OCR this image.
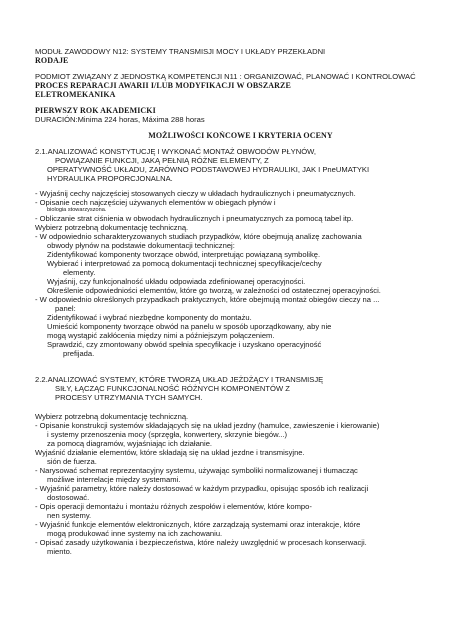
MODUŁ ZAWODOWY N12: SYSTEMY TRANSMISJI MOCY I UKŁADY PRZEKŁADNI
RODAJE
PODMIOT ZWIĄZANY Z JEDNOSTKĄ KOMPETENCJI N11 : ORGANIZOWAĆ, PLANOWAĆ I KONTROLOWAĆ
PROCES REPARACJI AWARII I/LUB MODYFIKACJI W OBSZARZE
ELETROMEKANIKA
PIERWSZY ROK AKADEMICKI
DURACIÓN:Minima 224 horas, Máxima 288 horas
MOŻLIWOŚCI KOŃCOWE I KRYTERIA OCENY
2.1.ANALIZOWAĆ KONSTYTUCJĘ I WYKONAĆ MONTAŻ OBWODÓW PŁYNÓW,
POWIĄZANIE FUNKCJI, JAKĄ PEŁNIĄ RÓŻNE ELEMENTY, Z
OPERATYWNOŚĆ UKŁADU, ZARÓWNO PODSTAWOWEJ HYDRAULIKI, JAK I PneUMATYKI
HYDRAULIKA PROPORCJONALNA.
- Wyjaśnij cechy najczęściej stosowanych cieczy w układach hydraulicznych i pneumatycznych.
- Opisanie cech najczęściej używanych elementów w obiegach płynów i
biologia stowarzyszona.
- Obliczanie strat ciśnienia w obwodach hydraulicznych i pneumatycznych za pomocą tabel itp.
Wybierz potrzebną dokumentację techniczną.
- W odpowiednio scharakteryzowanych studiach przypadków, które obejmują analizę zachowania
obwody płynów na podstawie dokumentacji technicznej:
Zidentyfikować komponenty tworzące obwód, interpretując powiązaną symbolikę.
Wybierać i interpretować za pomocą dokumentacji technicznej specyfikacje/cechy
elementy.
Wyjaśnij, czy funkcjonalność układu odpowiada zdefiniowanej operacyjności.
Określenie odpowiedniości elementów, które go tworzą, w zależności od ostatecznej operacyjności.
- W odpowiednio określonych przypadkach praktycznych, które obejmują montaż obiegów cieczy na ...
panel:
Zidentyfikować i wybrać niezbędne komponenty do montażu.
Umieścić komponenty tworzące obwód na panelu w sposób uporządkowany, aby nie
mogą wystąpić zakłócenia między nimi a późniejszym połączeniem.
Sprawdzić, czy zmontowany obwód spełnia specyfikacje i uzyskano operacyjność
prefijada.
2.2.ANALIZOWAĆ SYSTEMY, KTÓRE TWORZĄ UKŁAD JEŻDŻĄCY I TRANSMISJĘ
SIŁY, ŁĄCZĄC FUNKCJONALNOŚĆ RÓŻNYCH KOMPONENTÓW Z
PROCESY UTRZYMANIA TYCH SAMYCH.
Wybierz potrzebną dokumentację techniczną.
- Opisanie konstrukcji systemów składających się na układ jezdny (hamulce, zawieszenie i kierowanie)
i systemy przenoszenia mocy (sprzęgła, konwertery, skrzynie biegów...)
za pomocą diagramów, wyjaśniając ich działanie.
Wyjaśnić działanie elementów, które składają się na układ jezdne i transmisyjne.
sión de fuerza.
- Narysować schemat reprezentacyjny systemu, używając symboliki normalizowanej i tłumacząc
możliwe interrelacje między systemami.
- Wyjaśnić parametry, które należy dostosować w każdym przypadku, opisując sposób ich realizacji
dostosować.
- Opis operacji demontażu i montażu różnych zespołów i elementów, które kompo-
nen systemy.
- Wyjaśnić funkcje elementów elektronicznych, które zarządzają systemami oraz interakcje, które
mogą produkować inne systemy na ich zachowaniu.
- Opisać zasady użytkowania i bezpieczeństwa, które należy uwzględnić w procesach konserwacji.
miento.
